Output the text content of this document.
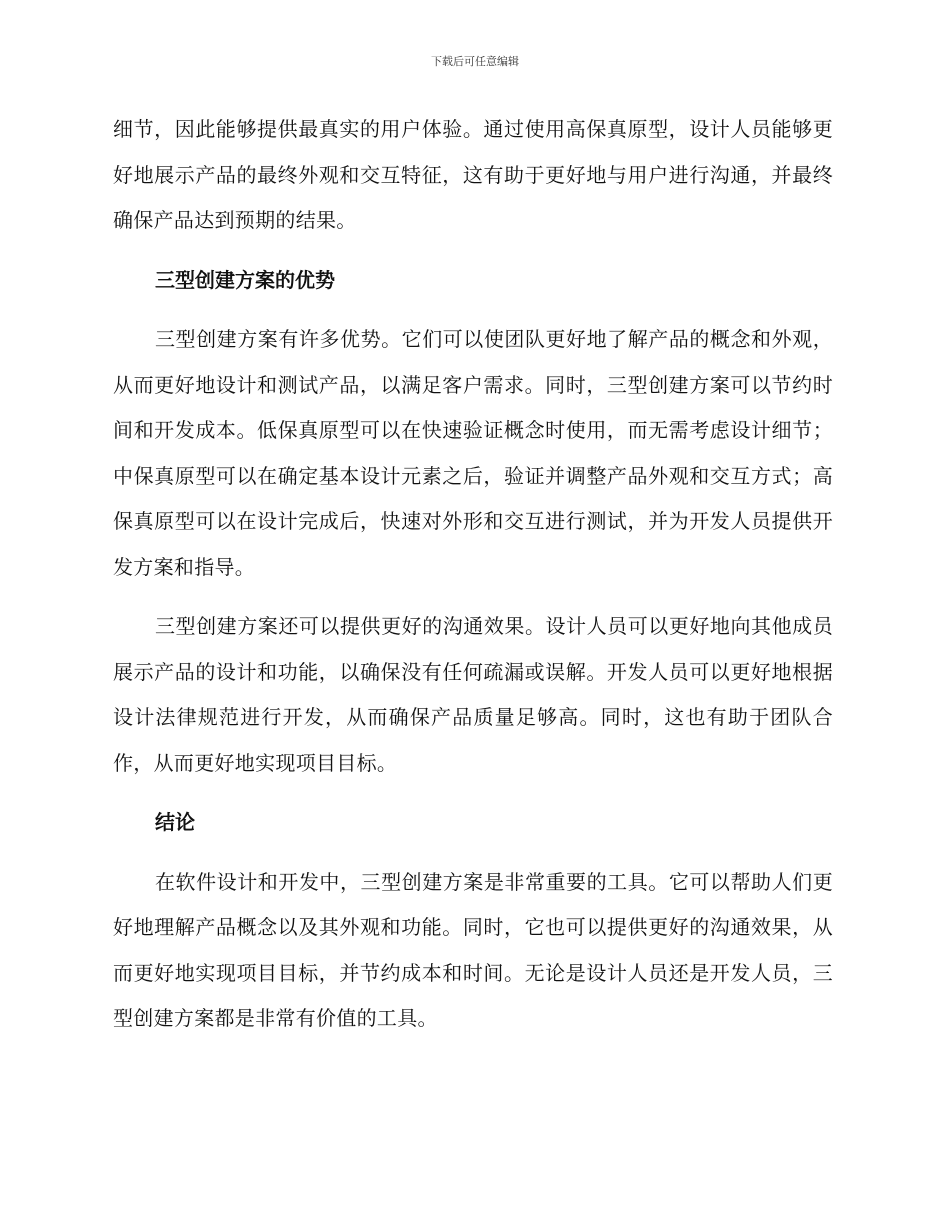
下载后可任意编辑

细节，因此能够提供最真实的用户体验。通过使用高保真原型，设计人员能够更好地展示产品的最终外观和交互特征，这有助于更好地与用户进行沟通，并最终确保产品达到预期的结果。

三型创建方案的优势

三型创建方案有许多优势。它们可以使团队更好地了解产品的概念和外观，从而更好地设计和测试产品，以满足客户需求。同时，三型创建方案可以节约时间和开发成本。低保真原型可以在快速验证概念时使用，而无需考虑设计细节；中保真原型可以在确定基本设计元素之后，验证并调整产品外观和交互方式；高保真原型可以在设计完成后，快速对外形和交互进行测试，并为开发人员提供开发方案和指导。

三型创建方案还可以提供更好的沟通效果。设计人员可以更好地向其他成员展示产品的设计和功能，以确保没有任何疏漏或误解。开发人员可以更好地根据设计法律规范进行开发，从而确保产品质量足够高。同时，这也有助于团队合作，从而更好地实现项目目标。

结论

在软件设计和开发中，三型创建方案是非常重要的工具。它可以帮助人们更好地理解产品概念以及其外观和功能。同时，它也可以提供更好的沟通效果，从而更好地实现项目目标，并节约成本和时间。无论是设计人员还是开发人员，三型创建方案都是非常有价值的工具。
